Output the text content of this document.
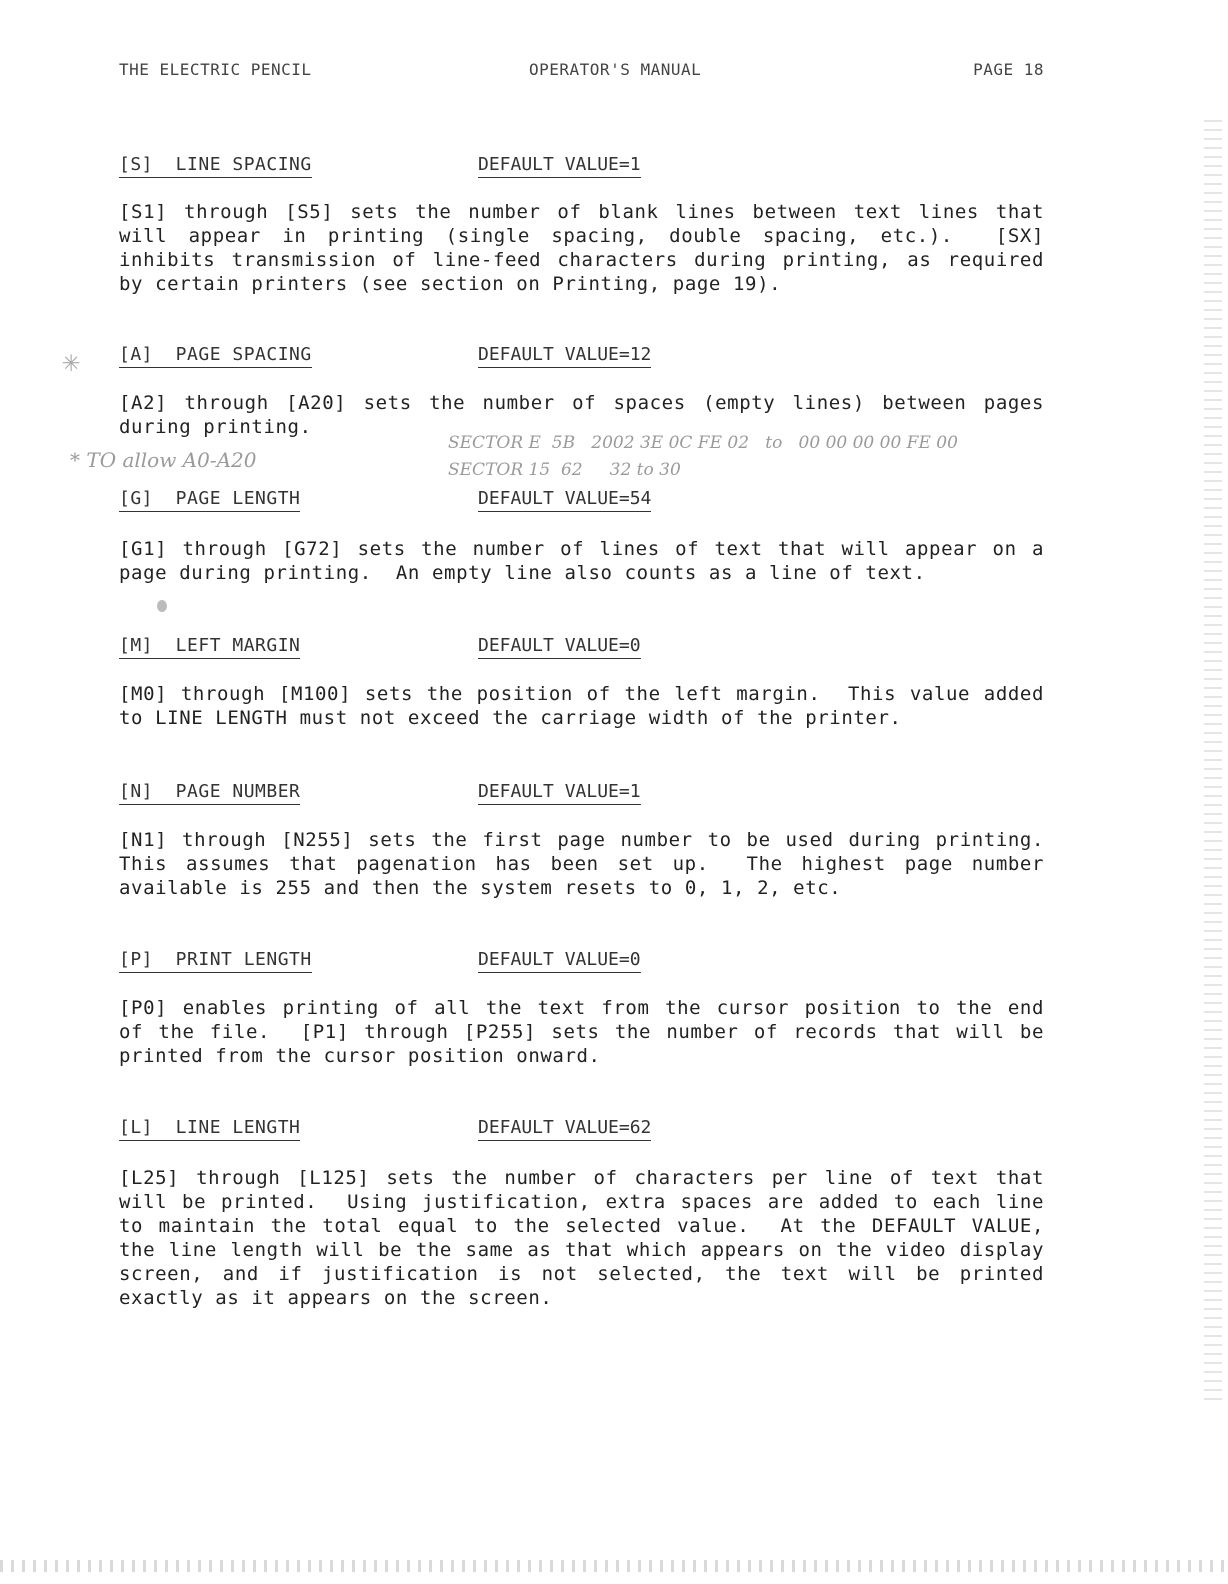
THE ELECTRIC PENCIL	OPERATOR'S MANUAL	PAGE 18
[S]  LINE SPACING	DEFAULT VALUE=1
[S1] through [S5] sets the number of blank lines between text lines that
will appear in printing (single spacing, double spacing, etc.).  [SX]
inhibits transmission of line-feed characters during printing, as required
by certain printers (see section on Printing, page 19).
✳ [A]  PAGE SPACING	DEFAULT VALUE=12
[A2] through [A20] sets the number of spaces (empty lines) between pages
during printing.
* TO allow A0-A20
SECTOR E  5B   2002 3E 0C FE 02   to   00 00 00 00 FE 00
SECTOR 15  62     32 to 30
[G]  PAGE LENGTH	DEFAULT VALUE=54
[G1] through [G72] sets the number of lines of text that will appear on a
page during printing.  An empty line also counts as a line of text.
[M]  LEFT MARGIN	DEFAULT VALUE=0
[M0] through [M100] sets the position of the left margin.  This value added
to LINE LENGTH must not exceed the carriage width of the printer.
[N]  PAGE NUMBER	DEFAULT VALUE=1
[N1] through [N255] sets the first page number to be used during printing.
This assumes that pagenation has been set up.  The highest page number
available is 255 and then the system resets to 0, 1, 2, etc.
[P]  PRINT LENGTH	DEFAULT VALUE=0
[P0] enables printing of all the text from the cursor position to the end
of the file.  [P1] through [P255] sets the number of records that will be
printed from the cursor position onward.
[L]  LINE LENGTH	DEFAULT VALUE=62
[L25] through [L125] sets the number of characters per line of text that
will be printed.  Using justification, extra spaces are added to each line
to maintain the total equal to the selected value.  At the DEFAULT VALUE,
the line length will be the same as that which appears on the video display
screen, and if justification is not selected, the text will be printed
exactly as it appears on the screen.
